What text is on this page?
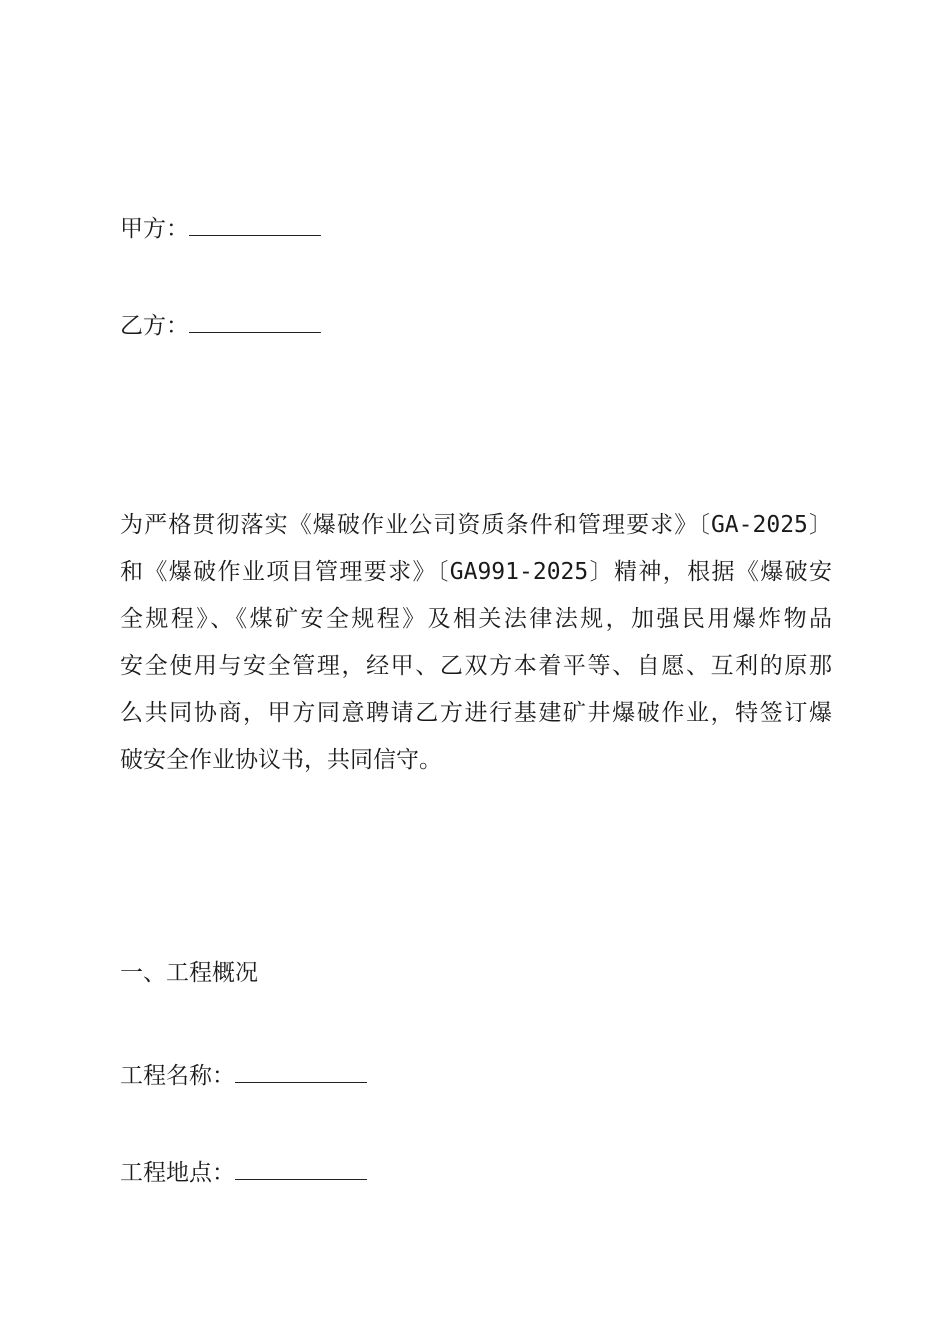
甲方：
乙方：
为严格贯彻落实《爆破作业公司资质条件和管理要求》〔GA-2025〕
和《爆破作业项目管理要求》〔GA991-2025〕精神，根据《爆破安
全规程》、《煤矿安全规程》及相关法律法规，加强民用爆炸物品
安全使用与安全管理，经甲、乙双方本着平等、自愿、互利的原那
么共同协商，甲方同意聘请乙方进行基建矿井爆破作业，特签订爆
破安全作业协议书，共同信守。
一、工程概况
工程名称：
工程地点：
